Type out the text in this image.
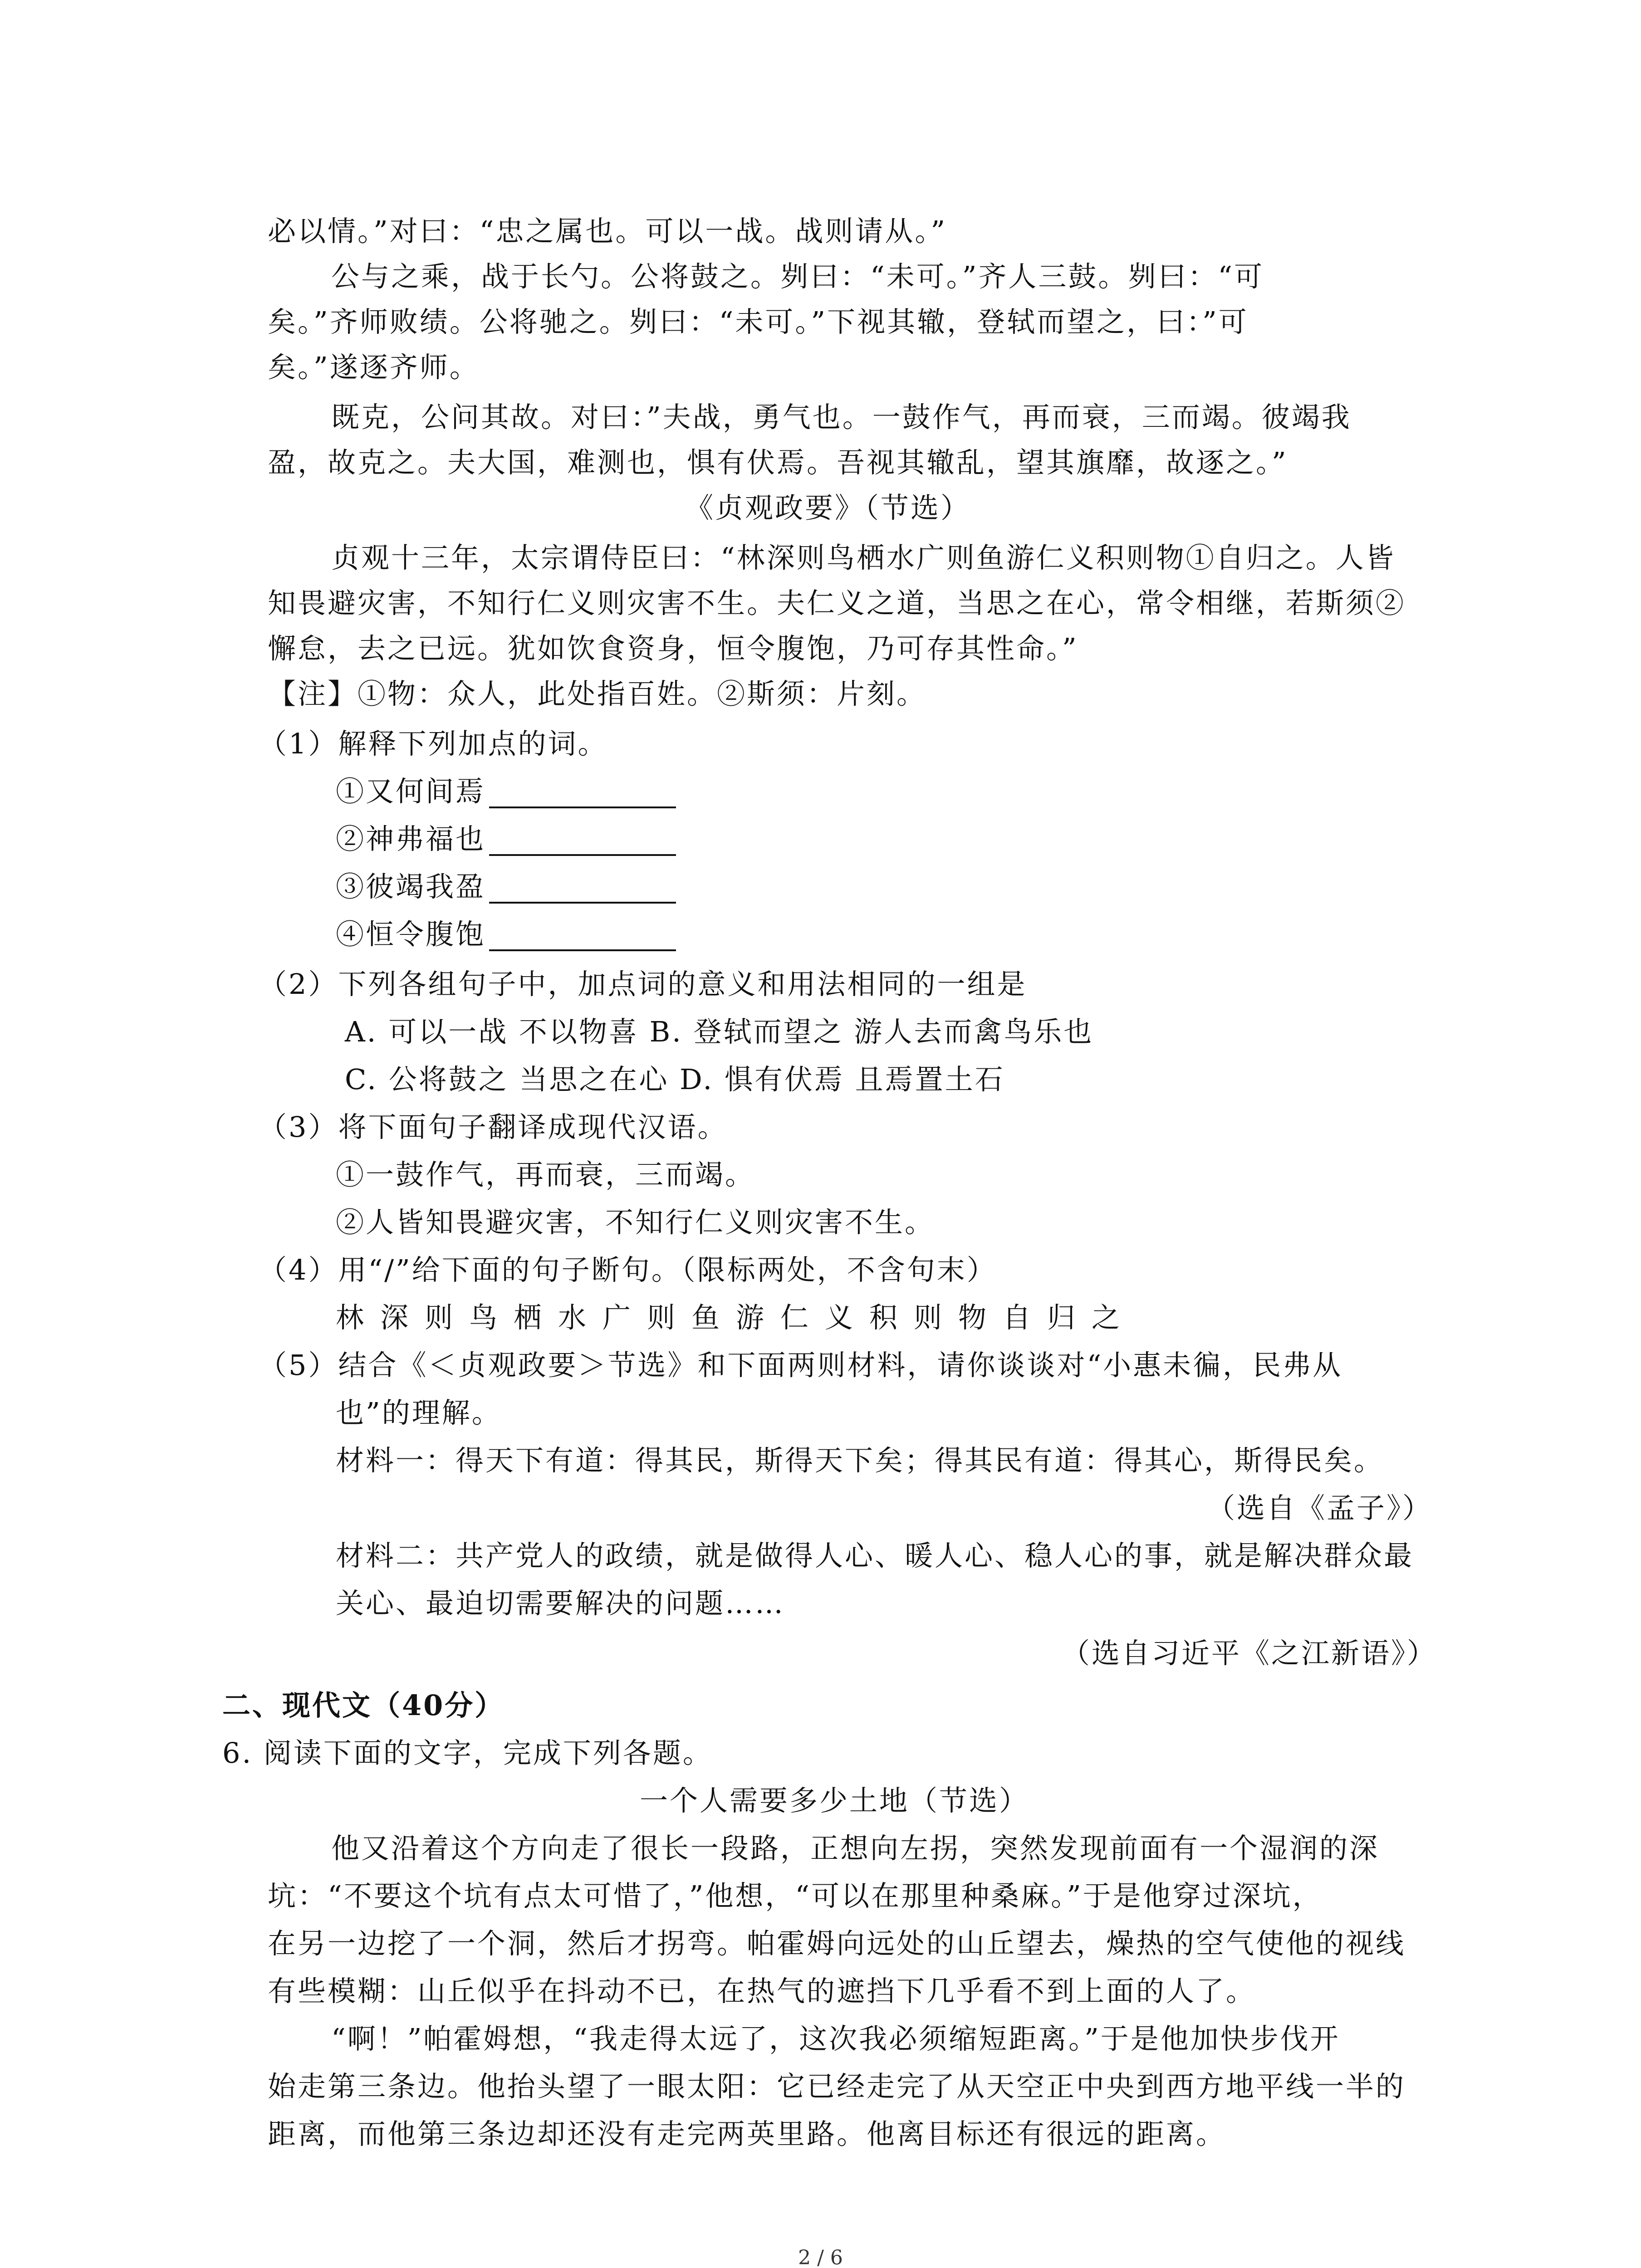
必以情。”对曰：“忠之属也。可以一战。战则请从。”

公与之乘，战于长勺。公将鼓之。刿曰：“未可。”齐人三鼓。刿曰：“可

矣。”齐师败绩。公将驰之。刿曰：“未可。”下视其辙，登轼而望之，曰：”可

矣。”遂逐齐师。

既克，公问其故。对曰：”夫战，勇气也。一鼓作气，再而衰，三而竭。彼竭我

盈，故克之。夫大国，难测也，惧有伏焉。吾视其辙乱，望其旗靡，故逐之。”

《贞观政要》（节选）

贞观十三年，太宗谓侍臣曰：“林深则鸟栖水广则鱼游仁义积则物①自归之。人皆

知畏避灾害，不知行仁义则灾害不生。夫仁义之道，当思之在心，常令相继，若斯须②

懈怠，去之已远。犹如饮食资身，恒令腹饱，乃可存其性命。”

【注】①物：众人，此处指百姓。②斯须：片刻。

（1）解释下列加点的词。

①又何间焉

②神弗福也

③彼竭我盈

④恒令腹饱

（2）下列各组句子中，加点词的意义和用法相同的一组是

A. 可以一战 不以物喜 B. 登轼而望之 游人去而禽鸟乐也

C. 公将鼓之 当思之在心 D. 惧有伏焉 且焉置土石

（3）将下面句子翻译成现代汉语。

①一鼓作气，再而衰，三而竭。

②人皆知畏避灾害，不知行仁义则灾害不生。

（4）用“/”给下面的句子断句。（限标两处，不含句末）

林深则鸟栖水广则鱼游仁义积则物自归之

（5）结合《＜贞观政要＞节选》和下面两则材料，请你谈谈对“小惠未徧，民弗从

也”的理解。

材料一：得天下有道：得其民，斯得天下矣；得其民有道：得其心，斯得民矣。

（选自《孟子》）

材料二：共产党人的政绩，就是做得人心、暖人心、稳人心的事，就是解决群众最

关心、最迫切需要解决的问题……

（选自习近平《之江新语》）

二、现代文（40分）

6. 阅读下面的文字，完成下列各题。

一个人需要多少土地（节选）

他又沿着这个方向走了很长一段路，正想向左拐，突然发现前面有一个湿润的深

坑：“不要这个坑有点太可惜了，”他想，“可以在那里种桑麻。”于是他穿过深坑，

在另一边挖了一个洞，然后才拐弯。帕霍姆向远处的山丘望去，燥热的空气使他的视线

有些模糊：山丘似乎在抖动不已，在热气的遮挡下几乎看不到上面的人了。

“啊！”帕霍姆想，“我走得太远了，这次我必须缩短距离。”于是他加快步伐开

始走第三条边。他抬头望了一眼太阳：它已经走完了从天空正中央到西方地平线一半的

距离，而他第三条边却还没有走完两英里路。他离目标还有很远的距离。

2 / 6
